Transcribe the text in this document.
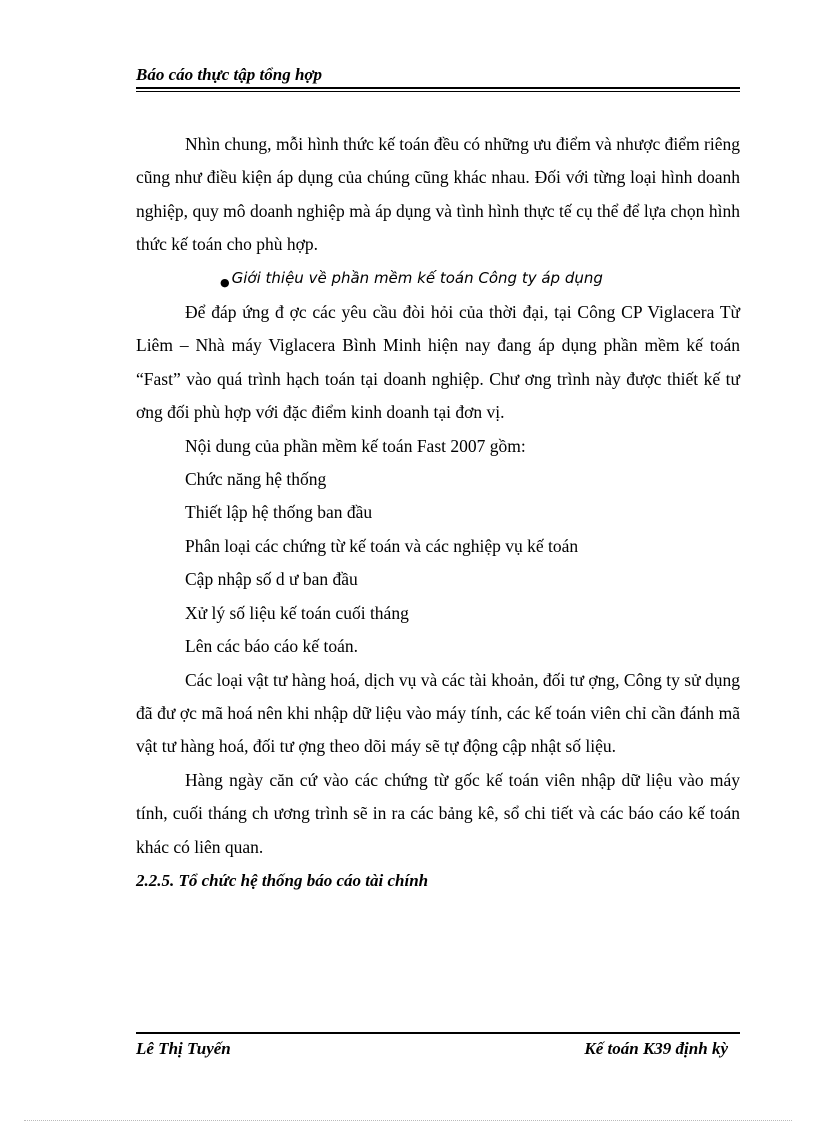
Báo cáo thực tập tổng hợp

Nhìn chung, mỗi hình thức kế toán đều có những ưu điểm và nhược điểm riêng cũng như điều kiện áp dụng của chúng cũng khác nhau. Đối với từng loại hình doanh nghiệp, quy mô doanh nghiệp mà áp dụng và tình hình thực tế cụ thể để lựa chọn hình thức kế toán cho phù hợp.

$_●$ Giới thiệu về phần mềm kế toán Công ty áp dụng

Để đáp ứng đ ợc các yêu cầu đòi hỏi của thời đại, tại Công CP Viglacera Từ Liêm – Nhà máy Viglacera Bình Minh hiện nay đang áp dụng phần mềm kế toán “Fast” vào quá trình hạch toán tại doanh nghiệp. Chư ơng trình này được thiết kế tư ơng đối phù hợp với đặc điểm kinh doanh tại đơn vị.

Nội dung của phần mềm kế toán Fast 2007 gồm:

Chức năng hệ thống

Thiết lập hệ thống ban đầu

Phân loại các chứng từ kế toán và các nghiệp vụ kế toán

Cập nhập số d ư ban đầu

Xử lý số liệu kế toán cuối tháng

Lên các báo cáo kế toán.

Các loại vật tư hàng hoá, dịch vụ và các tài khoản, đối tư ợng, Công ty sử dụng đã đư ợc mã hoá nên khi nhập dữ liệu vào máy tính, các kế toán viên chỉ cần đánh mã vật tư hàng hoá, đối tư ợng theo dõi máy sẽ tự động cập nhật số liệu.

Hàng ngày căn cứ vào các chứng từ gốc kế toán viên nhập dữ liệu vào máy tính, cuối tháng ch ương trình sẽ in ra các bảng kê, sổ chi tiết và các báo cáo kế toán khác có liên quan.

2.2.5. Tổ chức hệ thống báo cáo tài chính

Lê Thị Tuyến	Kế toán K39 định kỳ
